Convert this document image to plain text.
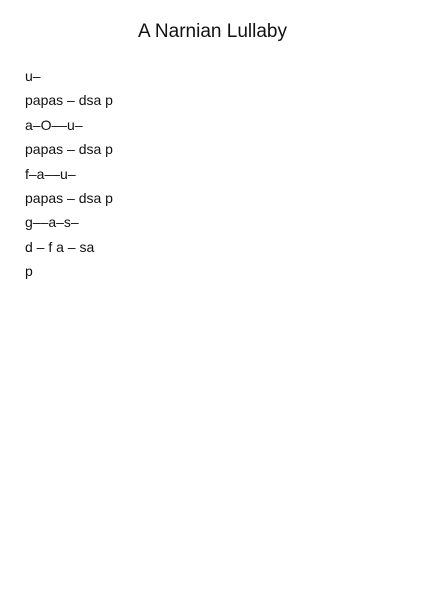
A Narnian Lullaby
u–
papas – dsa p
a–O––u–
papas – dsa p
f–a––u–
papas – dsa p
g––a–s–
d – f a – sa
p
